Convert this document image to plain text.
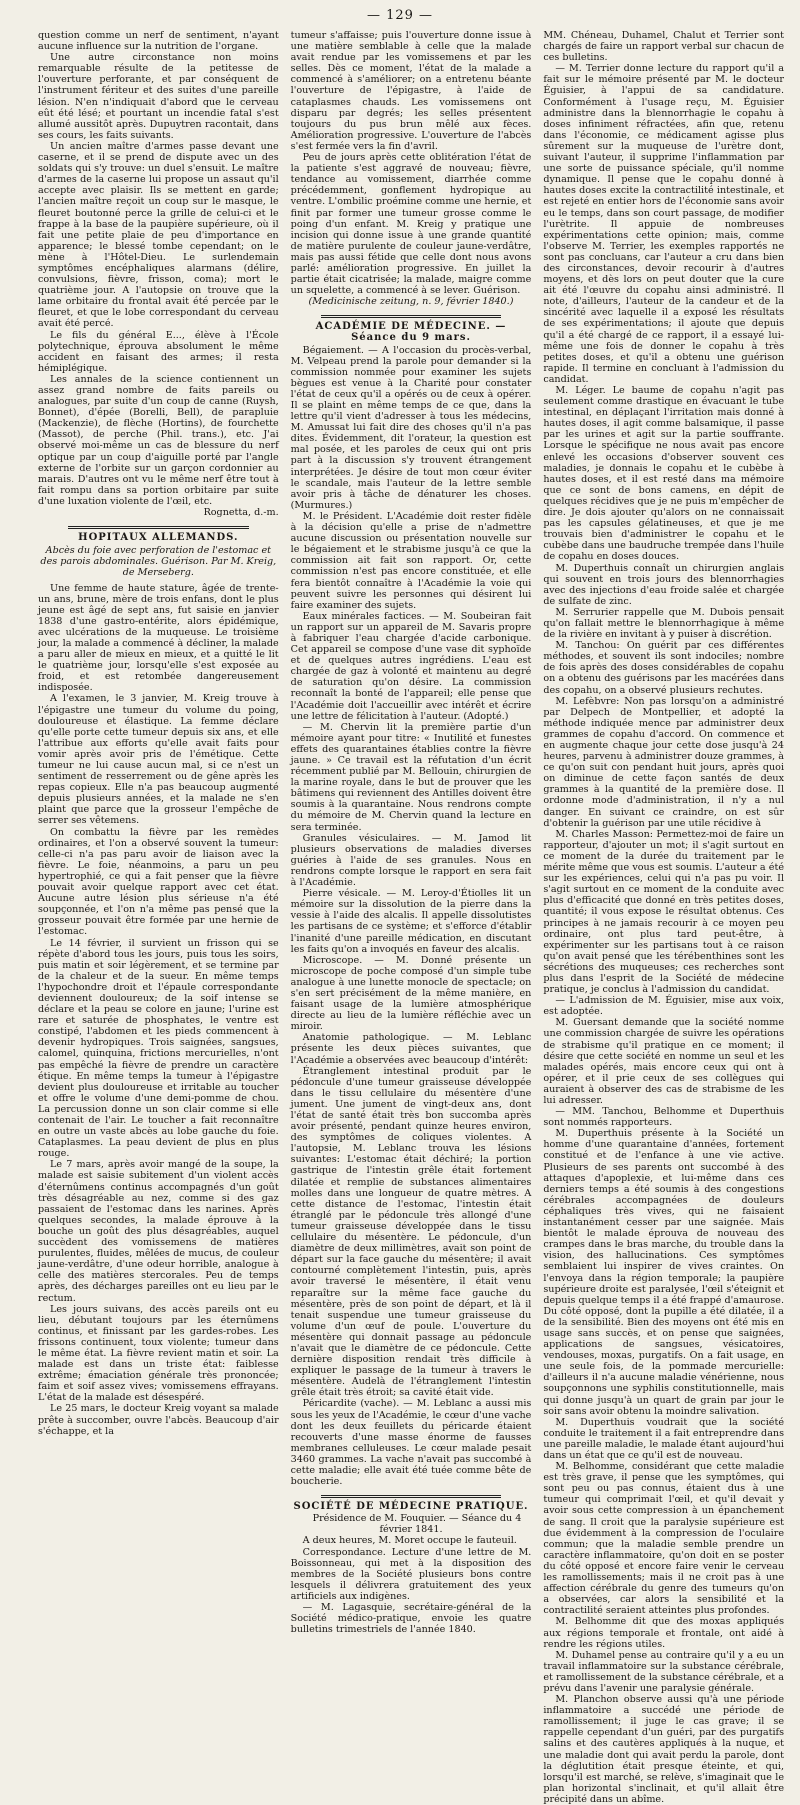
— 129 —

question comme un nerf de sentiment, n'ayant aucune influence sur la nutrition de l'organe.

Une autre circonstance non moins remarquable résulte de la petitesse de l'ouverture perforante, et par conséquent de l'instrument fériteur et des suites d'une pareille lésion. N'en n'indiquait d'abord que le cerveau eût été lésé; et pourtant un incendie fatal s'est allumé aussitôt après. Dupuytren racontait, dans ses cours, les faits suivants.

Un ancien maître d'armes passe devant une caserne, et il se prend de dispute avec un des soldats qui s'y trouve: un duel s'ensuit. Le maître d'armes de la caserne lui propose un assaut qu'il accepte avec plaisir. Ils se mettent en garde; l'ancien maître reçoit un coup sur le masque, le fleuret boutonné perce la grille de celui-ci et le frappe à la base de la paupière supérieure, où il fait une petite plaie de peu d'importance en apparence; le blessé tombe cependant; on le mène à l'Hôtel-Dieu. Le surlendemain symptômes encéphaliques alarmans (délire, convulsions, fièvre, frisson, coma); mort le quatrième jour. A l'autopsie on trouve que la lame orbitaire du frontal avait été percée par le fleuret, et que le lobe correspondant du cerveau avait été percé.

Le fils du général E..., élève à l'École polytechnique, éprouva absolument le même accident en faisant des armes; il resta hémiplégique.

Les annales de la science contiennent un assez grand nombre de faits pareils ou analogues, par suite d'un coup de canne (Ruysh, Bonnet), d'épée (Borelli, Bell), de parapluie (Mackenzie), de flèche (Hortins), de fourchette (Massot), de perche (Phil. trans.), etc. J'ai observé moi-même un cas de blessure du nerf optique par un coup d'aiguille porté par l'angle externe de l'orbite sur un garçon cordonnier au marais. D'autres ont vu le même nerf être tout à fait rompu dans sa portion orbitaire par suite d'une luxation violente de l'œil, etc.

Rognetta, d.-m.
HOPITAUX ALLEMANDS.
Abcès du foie avec perforation de l'estomac et des parois abdominales. Guérison. Par M. Kreig, de Merseberg.

Une femme de haute stature, âgée de trente-un ans, brune, mère de trois enfans, dont le plus jeune est âgé de sept ans, fut saisie en janvier 1838 d'une gastro-entérite, alors épidémique, avec ulcérations de la muqueuse. Le troisième jour, la malade a commencé à décliner, la malade a paru aller de mieux en mieux, et a quitté le lit le quatrième jour, lorsqu'elle s'est exposée au froid, et est retombée dangereusement indisposée.

A l'examen, le 3 janvier, M. Kreig trouve à l'épigastre une tumeur du volume du poing, douloureuse et élastique. La femme déclare qu'elle porte cette tumeur depuis six ans, et elle l'attribue aux efforts qu'elle avait faits pour vomir après avoir pris de l'émétique. Cette tumeur ne lui cause aucun mal, si ce n'est un sentiment de resserrement ou de gêne après les repas copieux. Elle n'a pas beaucoup augmenté depuis plusieurs années, et la malade ne s'en plaint que parce que la grosseur l'empêche de serrer ses vêtemens.

On combattu la fièvre par les remèdes ordinaires, et l'on a observé souvent la tumeur: celle-ci n'a pas paru avoir de liaison avec la fièvre. Le foie, néanmoins, a paru un peu hypertrophié, ce qui a fait penser que la fièvre pouvait avoir quelque rapport avec cet état. Aucune autre lésion plus sérieuse n'a été soupçonnée, et l'on n'a même pas pensé que la grosseur pouvait être formée par une hernie de l'estomac.

Le 14 février, il survient un frisson qui se répète d'abord tous les jours, puis tous les soirs, puis matin et soir légèrement, et se termine par de la chaleur et de la sueur. En même temps l'hypochondre droit et l'épaule correspondante deviennent douloureux; de la soif intense se déclare et la peau se colore en jaune; l'urine est rare et saturée de phosphates, le ventre est constipé, l'abdomen et les pieds commencent à devenir hydropiques. Trois saignées, sangsues, calomel, quinquina, frictions mercurielles, n'ont pas empêché la fièvre de prendre un caractère étique. En même temps la tumeur à l'épigastre devient plus douloureuse et irritable au toucher et offre le volume d'une demi-pomme de chou. La percussion donne un son clair comme si elle contenait de l'air. Le toucher a fait reconnaître en outre un vaste abcès au lobe gauche du foie. Cataplasmes. La peau devient de plus en plus rouge.

Le 7 mars, après avoir mangé de la soupe, la malade est saisie subitement d'un violent accès d'éternûmens continus accompagnés d'un goût très désagréable au nez, comme si des gaz passaient de l'estomac dans les narines. Après quelques secondes, la malade éprouve à la bouche un goût des plus désagréables, auquel succèdent des vomissemens de matières purulentes, fluides, mêlées de mucus, de couleur jaune-verdâtre, d'une odeur horrible, analogue à celle des matières stercorales. Peu de temps après, des décharges pareilles ont eu lieu par le rectum.

Les jours suivans, des accès pareils ont eu lieu, débutant toujours par les éternûmens continus, et finissant par les gardes-robes. Les frissons continuent, toux violente; tumeur dans le même état. La fièvre revient matin et soir. La malade est dans un triste état: faiblesse extrême; émaciation générale très prononcée; faim et soif assez vives; vomissemens effrayans. L'état de la malade est désespéré.

Le 25 mars, le docteur Kreig voyant sa malade prête à succomber, ouvre l'abcès. Beaucoup d'air s'échappe, et la

tumeur s'affaisse; puis l'ouverture donne issue à une matière semblable à celle que la malade avait rendue par les vomissemens et par les selles. Dès ce moment, l'état de la malade a commencé à s'améliorer; on a entretenu béante l'ouverture de l'épigastre, à l'aide de cataplasmes chauds. Les vomissemens ont disparu par degrés; les selles présentent toujours du pus brun mêlé aux fèces. Amélioration progressive. L'ouverture de l'abcès s'est fermée vers la fin d'avril.

Peu de jours après cette oblitération l'état de la patiente s'est aggravé de nouveau; fièvre, tendance au vomissement, diarrhée comme précédemment, gonflement hydropique au ventre. L'ombilic proémine comme une hernie, et finit par former une tumeur grosse comme le poing d'un enfant. M. Kreig y pratique une incision qui donne issue à une grande quantité de matière purulente de couleur jaune-verdâtre, mais pas aussi fétide que celle dont nous avons parlé: amélioration progressive. En juillet la partie était cicatrisée; la malade, maigre comme un squelette, a commencé à se lever. Guérison.

(Medicinische zeitung, n. 9, février 1840.)
ACADÉMIE DE MÉDECINE. — Séance du 9 mars.

Bégaiement. — A l'occasion du procès-verbal, M. Velpeau prend la parole pour demander si la commission nommée pour examiner les sujets bègues est venue à la Charité pour constater l'état de ceux qu'il a opérés ou de ceux à opérer. Il se plaint en même temps de ce que, dans la lettre qu'il vient d'adresser à tous les médecins, M. Amussat lui fait dire des choses qu'il n'a pas dites. Évidemment, dit l'orateur, la question est mal posée, et les paroles de ceux qui ont pris part à la discussion s'y trouvent étrangement interprétées. Je désire de tout mon cœur éviter le scandale, mais l'auteur de la lettre semble avoir pris à tâche de dénaturer les choses. (Murmures.)

M. le Président. L'Académie doit rester fidèle à la décision qu'elle a prise de n'admettre aucune discussion ou présentation nouvelle sur le bégaiement et le strabisme jusqu'à ce que la commission ait fait son rapport. Or, cette commission n'est pas encore constituée, et elle fera bientôt connaître à l'Académie la voie qui peuvent suivre les personnes qui désirent lui faire examiner des sujets.

Eaux minérales factices. — M. Soubeiran fait un rapport sur un appareil de M. Savaris propre à fabriquer l'eau chargée d'acide carbonique. Cet appareil se compose d'une vase dit syphoïde et de quelques autres ingrédiens. L'eau est chargée de gaz à volonté et maintenu au degré de saturation qu'on désire. La commission reconnaît la bonté de l'appareil; elle pense que l'Académie doit l'accueillir avec intérêt et écrire une lettre de félicitation à l'auteur. (Adopté.)

— M. Chervin lit la première partie d'un mémoire ayant pour titre: « Inutilité et funestes effets des quarantaines établies contre la fièvre jaune. » Ce travail est la réfutation d'un écrit récemment publié par M. Bellouin, chirurgien de la marine royale, dans le but de prouver que les bâtimens qui reviennent des Antilles doivent être soumis à la quarantaine. Nous rendrons compte du mémoire de M. Chervin quand la lecture en sera terminée.

Granules vésiculaires. — M. Jamod lit plusieurs observations de maladies diverses guéries à l'aide de ses granules. Nous en rendrons compte lorsque le rapport en sera fait à l'Académie.

Pierre vésicale. — M. Leroy-d'Étiolles lit un mémoire sur la dissolution de la pierre dans la vessie à l'aide des alcalis. Il appelle dissolutistes les partisans de ce système; et s'efforce d'établir l'inanité d'une pareille médication, en discutant les faits qu'on a invoqués en faveur des alcalis.

Microscope. — M. Donné présente un microscope de poche composé d'un simple tube analogue à une lunette monocle de spectacle; on s'en sert précisément de la même manière, en faisant usage de la lumière atmosphérique directe au lieu de la lumière réfléchie avec un miroir.

Anatomie pathologique. — M. Leblanc présente les deux pièces suivantes, que l'Académie a observées avec beaucoup d'intérêt:

Étranglement intestinal produit par le pédoncule d'une tumeur graisseuse développée dans le tissu cellulaire du mésentère d'une jument. Une jument de vingt-deux ans, dont l'état de santé était très bon succomba après avoir présenté, pendant quinze heures environ, des symptômes de coliques violentes. A l'autopsie, M. Leblanc trouva les lésions suivantes: L'estomac était déchiré; la portion gastrique de l'intestin grêle était fortement dilatée et remplie de substances alimentaires molles dans une longueur de quatre mètres. A cette distance de l'estomac, l'intestin était étranglé par le pédoncule très allongé d'une tumeur graisseuse développée dans le tissu cellulaire du mésentère. Le pédoncule, d'un diamètre de deux millimètres, avait son point de départ sur la face gauche du mésentère; il avait contourné complètement l'intestin, puis, après avoir traversé le mésentère, il était venu reparaître sur la même face gauche du mésentère, près de son point de départ, et là il tenait suspendue une tumeur graisseuse du volume d'un œuf de poule. L'ouverture du mésentère qui donnait passage au pédoncule n'avait que le diamètre de ce pédoncule. Cette dernière disposition rendait très difficile à expliquer le passage de la tumeur à travers le mésentère. Audelà de l'étranglement l'intestin grêle était très étroit; sa cavité était vide.

Péricardite (vache). — M. Leblanc a aussi mis sous les yeux de l'Académie, le cœur d'une vache dont les deux feuillets du péricarde étaient recouverts d'une masse énorme de fausses membranes celluleuses. Le cœur malade pesait 3460 grammes. La vache n'avait pas succombé à cette maladie; elle avait été tuée comme bête de boucherie.

SOCIÉTÉ DE MÉDECINE PRATIQUE.

Présidence de M. Fouquier. — Séance du 4 février 1841.

A deux heures, M. Moret occupe le fauteuil.

Correspondance. Lecture d'une lettre de M. Boissonneau, qui met à la disposition des membres de la Société plusieurs bons contre lesquels il délivrera gratuitement des yeux artificiels aux indigènes.

— M. Lagasquie, secrétaire-général de la Société médico-pratique, envoie les quatre bulletins trimestriels de l'année 1840.

MM. Chéneau, Duhamel, Chalut et Terrier sont chargés de faire un rapport verbal sur chacun de ces bulletins.

— M. Terrier donne lecture du rapport qu'il a fait sur le mémoire présenté par M. le docteur Éguisier, à l'appui de sa candidature. Conformément à l'usage reçu, M. Éguisier administre dans la blennorrhagie le copahu à doses infiniment réfractées, afin que, retenu dans l'économie, ce médicament agisse plus sûrement sur la muqueuse de l'urètre dont, suivant l'auteur, il supprime l'inflammation par une sorte de puissance spéciale, qu'il nomme dynamique. Il pense que le copahu donné à hautes doses excite la contractilité intestinale, et est rejeté en entier hors de l'économie sans avoir eu le temps, dans son court passage, de modifier l'urètrite. Il appuie de nombreuses expérimentations cette opinion; mais, comme l'observe M. Terrier, les exemples rapportés ne sont pas concluans, car l'auteur a cru dans bien des circonstances, devoir recourir à d'autres moyens, et dès lors on peut douter que la cure ait été l'œuvre du copahu ainsi administré. Il note, d'ailleurs, l'auteur de la candeur et de la sincérité avec laquelle il a exposé les résultats de ses expérimentations; il ajoute que depuis qu'il a été chargé de ce rapport, il a essayé lui-même une fois de donner le copahu à très petites doses, et qu'il a obtenu une guérison rapide. Il termine en concluant à l'admission du candidat.

M. Léger. Le baume de copahu n'agit pas seulement comme drastique en évacuant le tube intestinal, en déplaçant l'irritation mais donné à hautes doses, il agit comme balsamique, il passe par les urines et agit sur la partie souffrante. Lorsque le spécifique ne nous avait pas encore enlevé les occasions d'observer souvent ces maladies, je donnais le copahu et le cubèbe à hautes doses, et il est resté dans ma mémoire que ce sont de bons camens, en dépit de quelques récidives que je ne puis m'empêcher de dire. Je dois ajouter qu'alors on ne connaissait pas les capsules gélatineuses, et que je me trouvais bien d'administrer le copahu et le cubèbe dans une baudruche trempée dans l'huile de copahu en doses douces.

M. Duperthuis connaît un chirurgien anglais qui souvent en trois jours des blennorrhagies avec des injections d'eau froide salée et chargée de sulfate de zinc.

M. Serrurier rappelle que M. Dubois pensait qu'on fallait mettre le blennorrhagique à même de la rivière en invitant à y puiser à discrétion.

M. Tanchou: On guérit par ces différentes méthodes, et souvent ils sont indociles; nombre de fois après des doses considérables de copahu on a obtenu des guérisons par les macérées dans des copahu, on a observé plusieurs rechutes.

M. Lefèbvre: Non pas lorsqu'on a administré par Delpech de Montpellier, et adopté la méthode indiquée mence par administrer deux grammes de copahu d'accord. On commence et en augmente chaque jour cette dose jusqu'à 24 heures, parvenu à administrer douze grammes, à ce qu'on suit con pendant huit jours, après quoi on diminue de cette façon santés de deux grammes à la quantité de la première dose. Il ordonne mode d'administration, il n'y a nul danger. En suivant ce craindre, on est sûr d'obtenir la guérison par une utile récidive à

M. Charles Masson: Permettez-moi de faire un rapporteur, d'ajouter un mot; il s'agit surtout en ce moment de la durée du traitement par le mérite même que vous est soumis. L'auteur a été sur les expériences, celui qui n'a pas pu voir. Il s'agit surtout en ce moment de la conduite avec plus d'efficacité que donné en très petites doses, quantité; il vous expose le résultat obtenus. Ces principes à ne jamais recourir à ce moyen peu ordinaire, ont plus tard peut-être, à expérimenter sur les partisans tout à ce raison qu'on avait pensé que les térébenthines sont les sécrétions des muqueuses; ces recherches sont plus dans l'esprit de la Société de médecine pratique, je conclus à l'admission du candidat.

— L'admission de M. Éguisier, mise aux voix, est adoptée.

M. Guersant demande que la société nomme une commission chargée de suivre les opérations de strabisme qu'il pratique en ce moment; il désire que cette société en nomme un seul et les malades opérés, mais encore ceux qui ont à opérer, et il prie ceux de ses collègues qui auraient à observer des cas de strabisme de les lui adresser.

— MM. Tanchou, Belhomme et Duperthuis sont nommés rapporteurs.

M. Duperthuis présente à la Société un homme d'une quarantaine d'années, fortement constitué et de l'enfance à une vie active. Plusieurs de ses parents ont succombé à des attaques d'apoplexie, et lui-même dans ces derniers temps a été soumis à des congestions cérébrales accompagnées de douleurs céphaliques très vives, qui ne faisaient instantanément cesser par une saignée. Mais bientôt le malade éprouva de nouveau des crampes dans le bras marche, du trouble dans la vision, des hallucinations. Ces symptômes semblaient lui inspirer de vives craintes. On l'envoya dans la région temporale; la paupière supérieure droite est paralysée, l'œil s'éteignit et depuis quelque temps il a été frappé d'amaurose. Du côté opposé, dont la pupille a été dilatée, il a de la sensibilité. Bien des moyens ont été mis en usage sans succès, et on pense que saignées, applications de sangsues, vésicatoires, vendouses, moxas, purgatifs. On a fait usage, en une seule fois, de la pommade mercurielle: d'ailleurs il n'a aucune maladie vénérienne, nous soupçonnons une syphilis constitutionnelle, mais qui donne jusqu'à un quart de grain par jour le soir sans avoir obtenu la moindre salivation.

M. Duperthuis voudrait que la société conduite le traitement il a fait entreprendre dans une pareille maladie, le malade étant aujourd'hui dans un état que ce qu'il est de nouveau.

M. Belhomme, considérant que cette maladie est très grave, il pense que les symptômes, qui sont peu ou pas connus, étaient dus à une tumeur qui comprimait l'œil, et qu'il devait y avoir sous cette compression à un épanchement de sang. Il croit que la paralysie supérieure est due évidemment à la compression de l'oculaire commun; que la maladie semble prendre un caractère inflammatoire, qu'on doit en se poster du côté opposé et encore faire venir le cerveau les ramollissements; mais il ne croit pas à une affection cérébrale du genre des tumeurs qu'on a observées, car alors la sensibilité et la contractilité seraient atteintes plus profondes.

M. Belhomme dit que des moxas appliqués aux régions temporale et frontale, ont aidé à rendre les régions utiles.

M. Duhamel pense au contraire qu'il y a eu un travail inflammatoire sur la substance cérébrale, et ramollissement de la substance cérébrale, et a prévu dans l'avenir une paralysie générale.

M. Planchon observe aussi qu'à une période inflammatoire a succédé une période de ramollissement; il juge le cas grave; il se rappelle cependant d'un guéri, par des purgatifs salins et des cautères appliqués à la nuque, et une maladie dont qui avait perdu la parole, dont la déglutition était presque éteinte, et qui, lorsqu'il est marché, se relève, s'imaginait que le plan horizontal s'inclinait, et qu'il allait être précipité dans un abîme.
